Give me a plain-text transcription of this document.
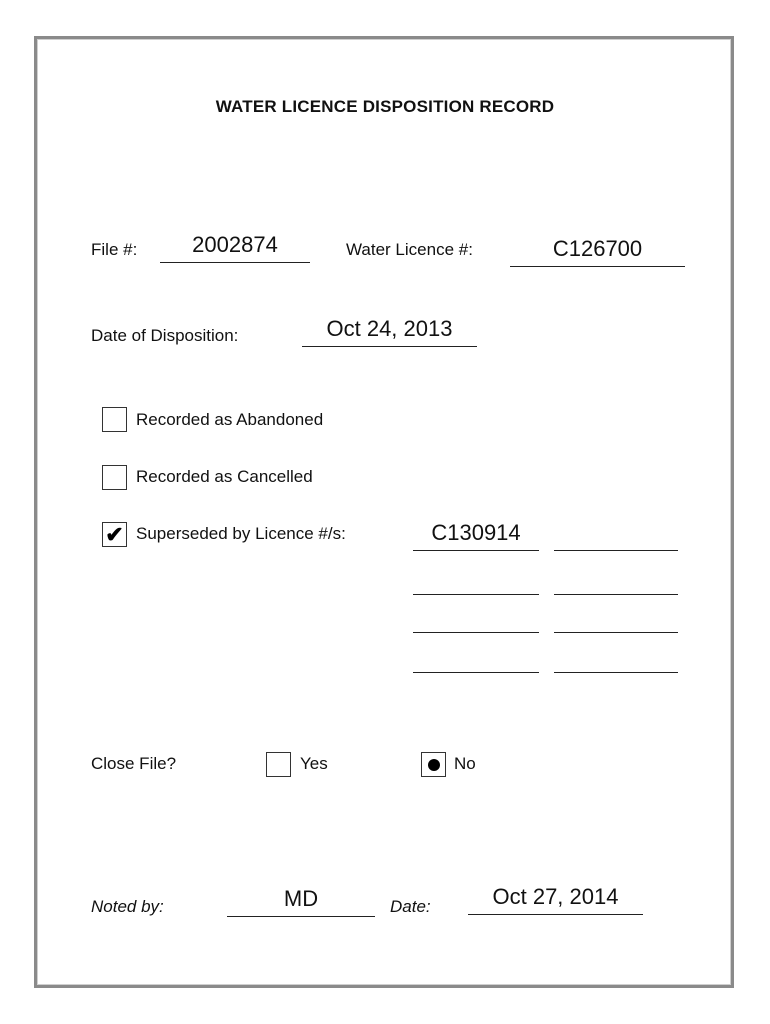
WATER LICENCE DISPOSITION RECORD
File #:	2002874	Water Licence #:	C126700
Date of Disposition:	Oct 24, 2013
Recorded as Abandoned
Recorded as Cancelled
✔ Superseded by Licence #/s:	C130914
Close File?	Yes	No
Noted by:	MD	Date:	Oct 27, 2014
